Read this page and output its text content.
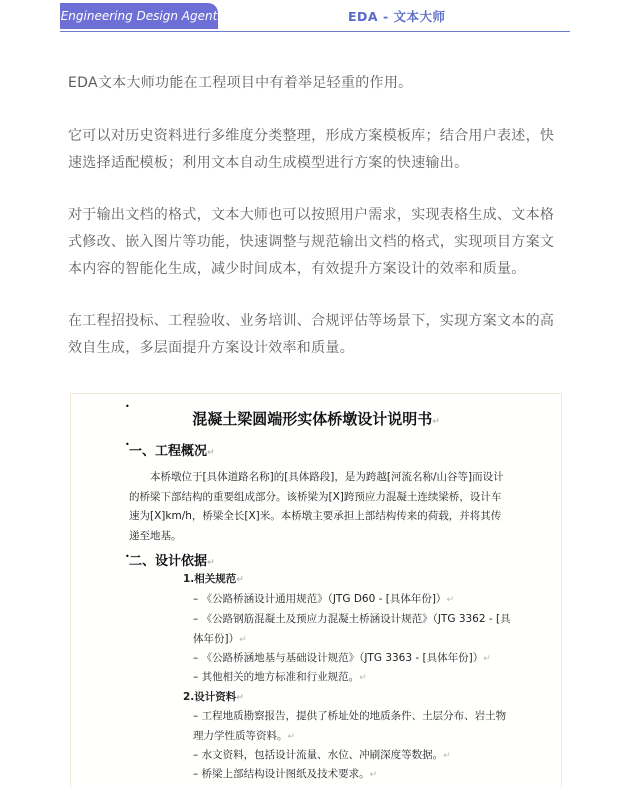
Engineering Design Agent	EDA - 文本大师

EDA文本大师功能在工程项目中有着举足轻重的作用。

它可以对历史资料进行多维度分类整理，形成方案模板库；结合用户表述，快速选择适配模板；利用文本自动生成模型进行方案的快速输出。

对于输出文档的格式，文本大师也可以按照用户需求，实现表格生成、文本格式修改、嵌入图片等功能，快速调整与规范输出文档的格式，实现项目方案文本内容的智能化生成，减少时间成本，有效提升方案设计的效率和质量。

在工程招投标、工程验收、业务培训、合规评估等场景下，实现方案文本的高效自生成，多层面提升方案设计效率和质量。

•
混凝土梁圆端形实体桥墩设计说明书↵
• 一、工程概况↵
本桥墩位于[具体道路名称]的[具体路段]，是为跨越[河流名称/山谷等]而设计的桥梁下部结构的重要组成部分。该桥梁为[X]跨预应力混凝土连续梁桥，设计车速为[X]km/h，桥梁全长[X]米。本桥墩主要承担上部结构传来的荷载，并将其传递至地基。
• 二、设计依据↵
1.相关规范↵
– 《公路桥涵设计通用规范》（JTG D60 - [具体年份]）↵
– 《公路钢筋混凝土及预应力混凝土桥涵设计规范》（JTG 3362 - [具体年份]）↵
– 《公路桥涵地基与基础设计规范》（JTG 3363 - [具体年份]）↵
– 其他相关的地方标准和行业规范。↵
2.设计资料↵
– 工程地质勘察报告，提供了桥址处的地质条件、土层分布、岩土物理力学性质等资料。↵
– 水文资料，包括设计流量、水位、冲刷深度等数据。↵
– 桥梁上部结构设计图纸及技术要求。↵
